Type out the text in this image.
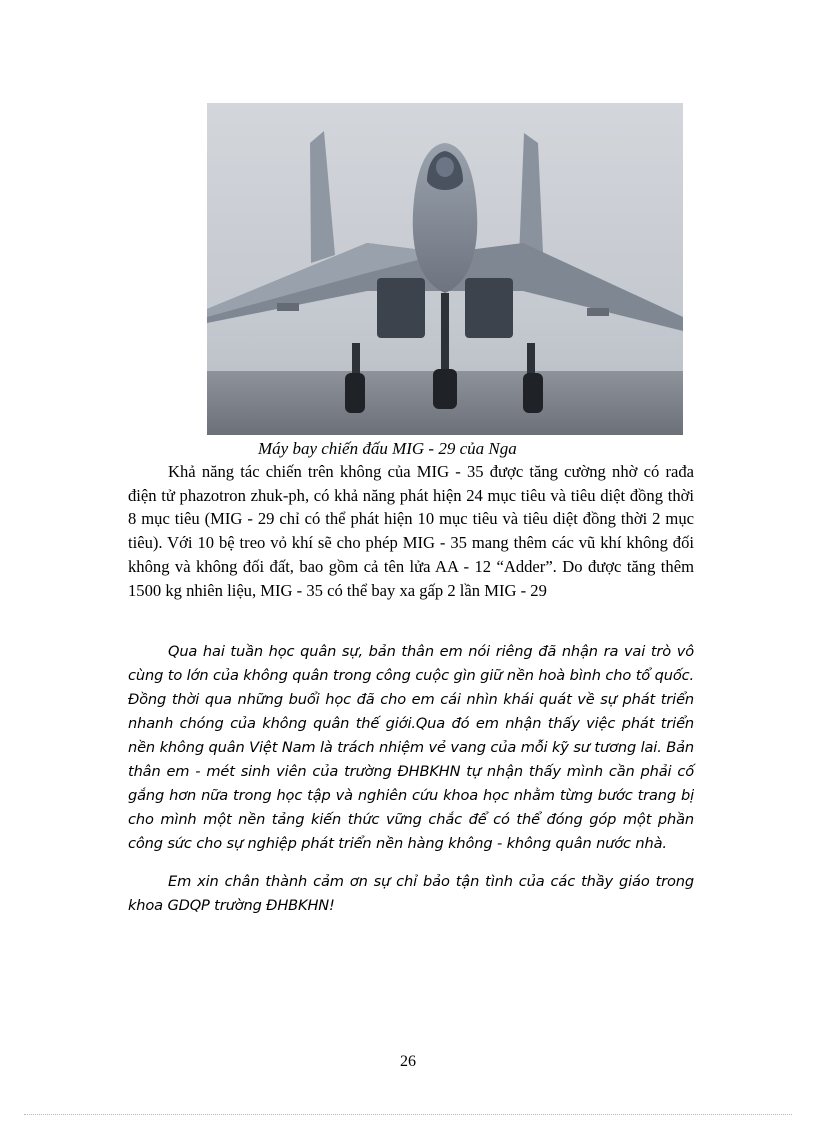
Máy bay chiến đấu MIG - 29 của Nga

Khả năng tác chiến trên không của MIG - 35 được tăng cường nhờ có rađa điện tử phazotron zhuk-ph, có khả năng phát hiện 24 mục tiêu và tiêu diệt đồng thời 8 mục tiêu (MIG - 29 chỉ có thể phát hiện 10 mục tiêu và tiêu diệt đồng thời 2 mục tiêu). Với 10 bệ treo vỏ khí sẽ cho phép MIG - 35 mang thêm các vũ khí không đối không và không đối đất, bao gồm cả tên lửa AA - 12 “Adder”. Do được tăng thêm 1500 kg nhiên liệu, MIG - 35 có thể bay xa gấp 2 lần MIG - 29

Qua hai tuần học quân sự, bản thân em nói riêng đã nhận ra vai trò vô cùng to lớn của không quân trong công cuộc gìn giữ nền hoà bình cho tổ quốc. Đồng thời qua những buổi học đã cho em cái nhìn khái quát về sự phát triển nhanh chóng của không quân thế giới.Qua đó em nhận thấy việc phát triển nền không quân Việt Nam là trách nhiệm vẻ vang của mỗi kỹ sư tương lai. Bản thân em - mét sinh viên của trường ĐHBKHN tự nhận thấy mình cần phải cố gắng hơn nữa trong học tập và nghiên cứu khoa học nhằm từng bước trang bị cho mình một nền tảng kiến thức vững chắc để có thể đóng góp một phần công sức cho sự nghiệp phát triển nền hàng không - không quân nước nhà.

Em xin chân thành cảm ơn sự chỉ bảo tận tình của các thầy giáo trong khoa GDQP trường ĐHBKHN!

26
